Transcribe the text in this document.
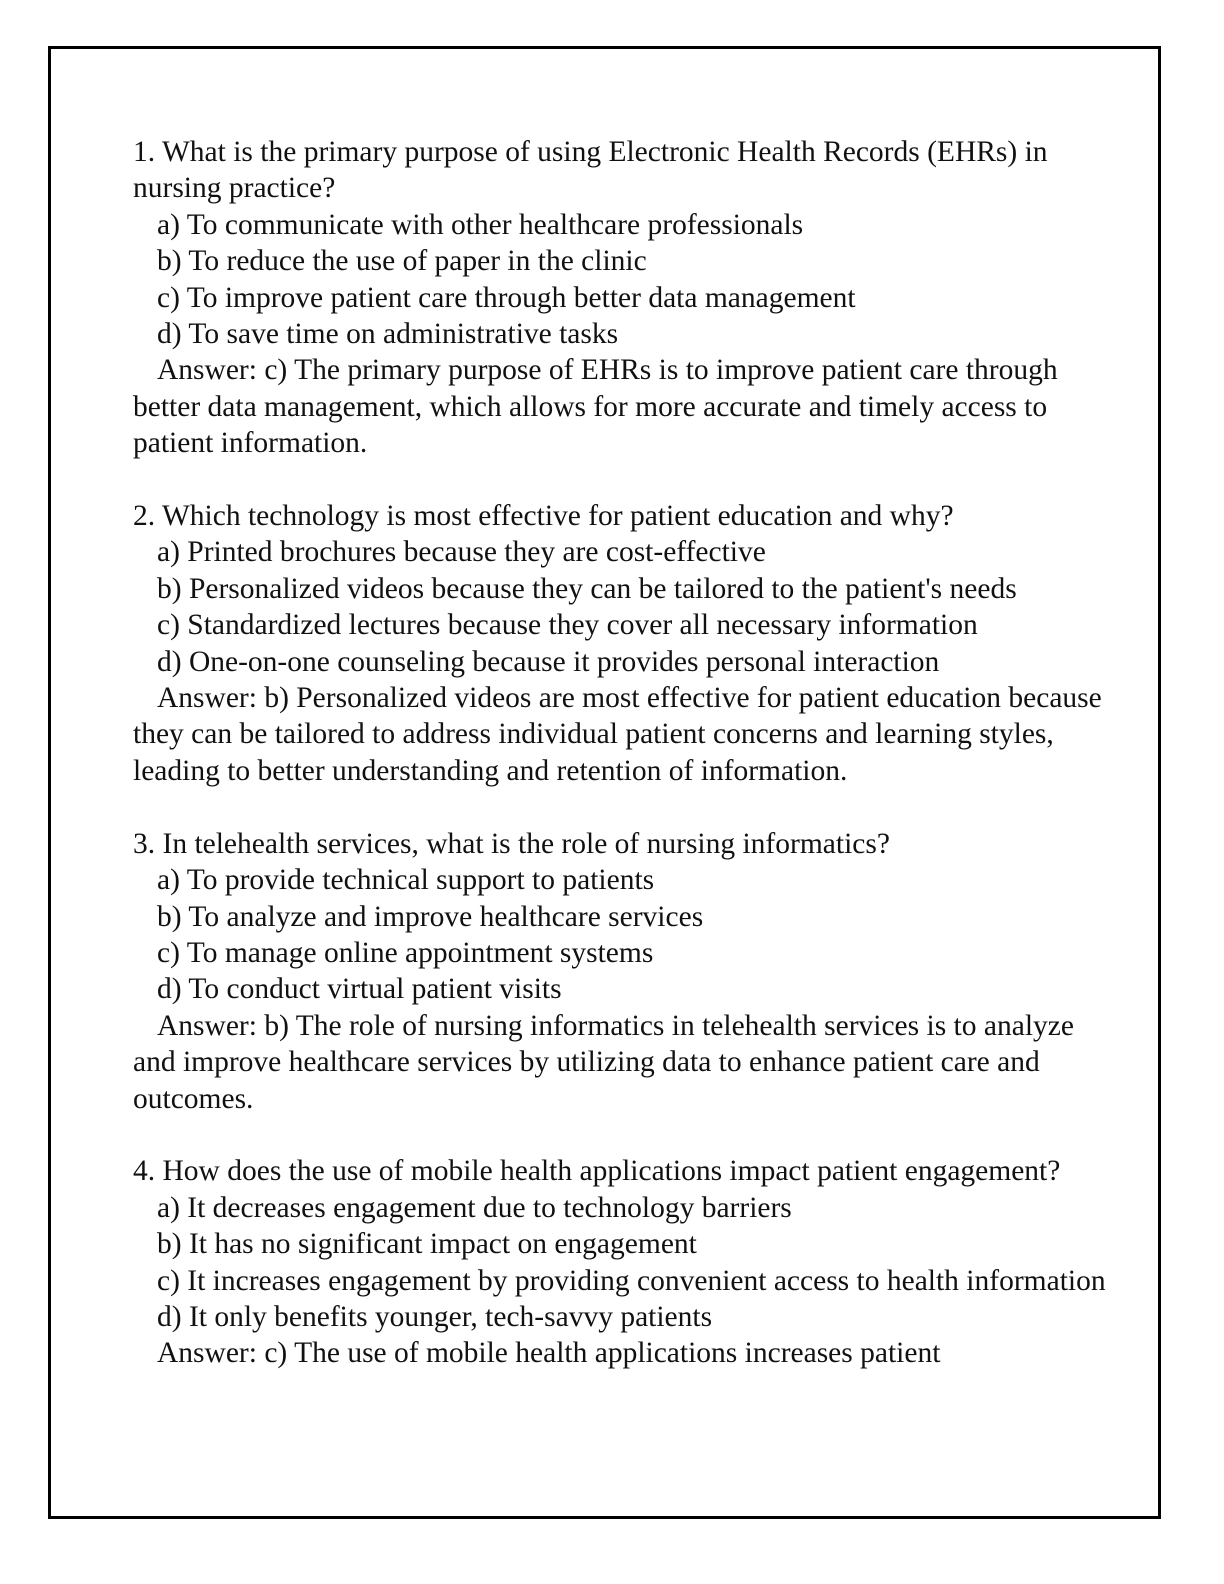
1. What is the primary purpose of using Electronic Health Records (EHRs) in nursing practice?
a) To communicate with other healthcare professionals
b) To reduce the use of paper in the clinic
c) To improve patient care through better data management
d) To save time on administrative tasks
Answer: c) The primary purpose of EHRs is to improve patient care through better data management, which allows for more accurate and timely access to patient information.
2. Which technology is most effective for patient education and why?
a) Printed brochures because they are cost-effective
b) Personalized videos because they can be tailored to the patient's needs
c) Standardized lectures because they cover all necessary information
d) One-on-one counseling because it provides personal interaction
Answer: b) Personalized videos are most effective for patient education because they can be tailored to address individual patient concerns and learning styles, leading to better understanding and retention of information.
3. In telehealth services, what is the role of nursing informatics?
a) To provide technical support to patients
b) To analyze and improve healthcare services
c) To manage online appointment systems
d) To conduct virtual patient visits
Answer: b) The role of nursing informatics in telehealth services is to analyze and improve healthcare services by utilizing data to enhance patient care and outcomes.
4. How does the use of mobile health applications impact patient engagement?
a) It decreases engagement due to technology barriers
b) It has no significant impact on engagement
c) It increases engagement by providing convenient access to health information
d) It only benefits younger, tech-savvy patients
Answer: c) The use of mobile health applications increases patient
